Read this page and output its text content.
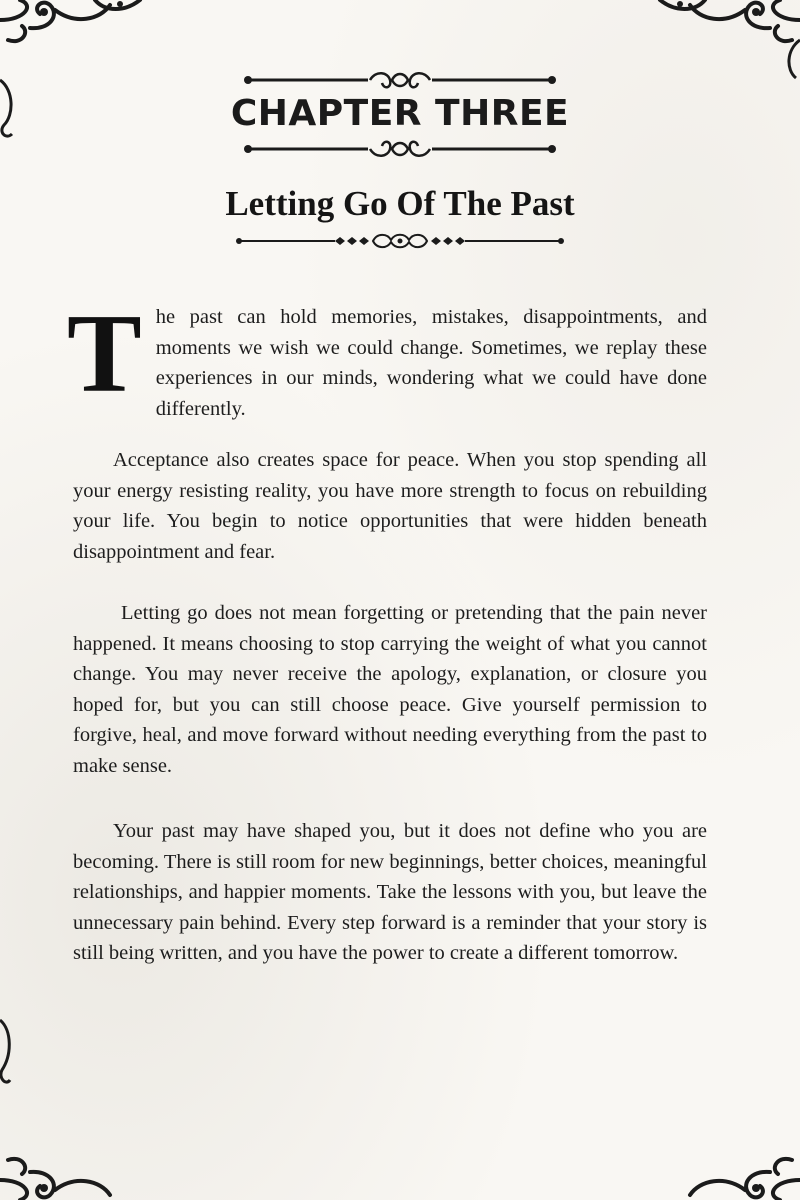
CHAPTER THREE
Letting Go Of The Past
The past can hold memories, mistakes, disappointments, and moments we wish we could change. Sometimes, we replay these experiences in our minds, wondering what we could have done differently.
Acceptance also creates space for peace. When you stop spending all your energy resisting reality, you have more strength to focus on rebuilding your life. You begin to notice opportunities that were hidden beneath disappointment and fear.
Letting go does not mean forgetting or pretending that the pain never happened. It means choosing to stop carrying the weight of what you cannot change. You may never receive the apology, explanation, or closure you hoped for, but you can still choose peace. Give yourself permission to forgive, heal, and move forward without needing everything from the past to make sense.
Your past may have shaped you, but it does not define who you are becoming. There is still room for new beginnings, better choices, meaningful relationships, and happier moments. Take the lessons with you, but leave the unnecessary pain behind. Every step forward is a reminder that your story is still being written, and you have the power to create a different tomorrow.
